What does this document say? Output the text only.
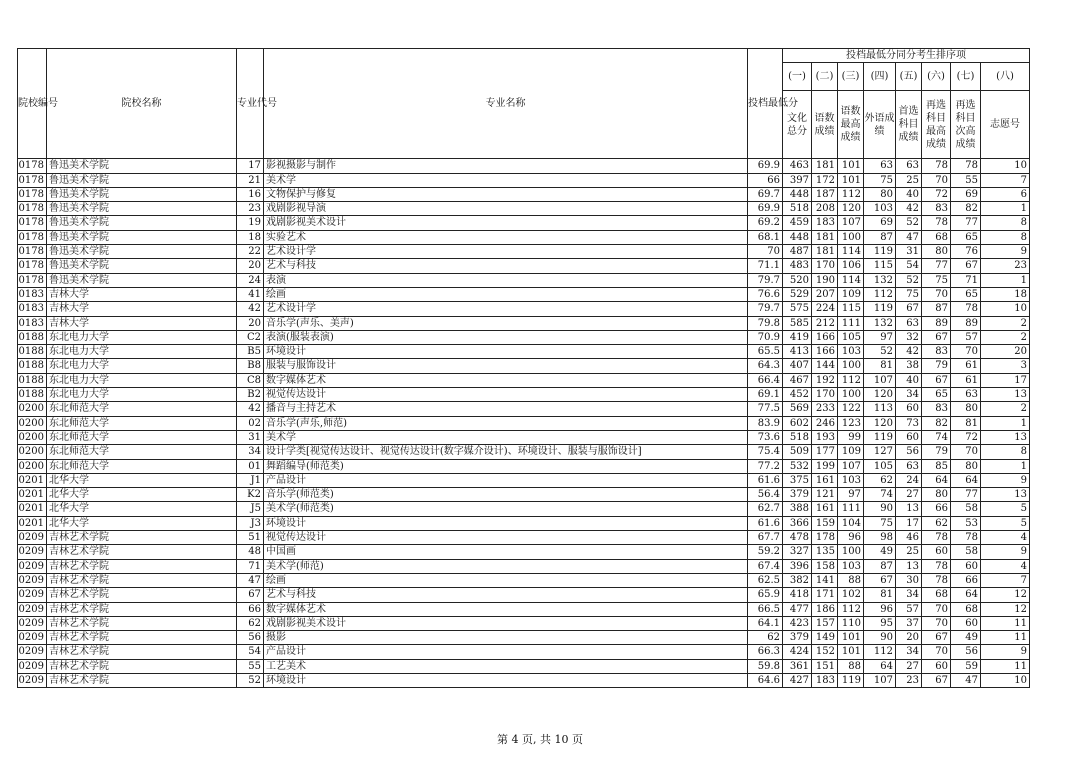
院校编号	院校名称	专业代号	专业名称	投档最低分	投档最低分同分考生排序项							
					(一)	(二)	(三)	(四)	(五)	(六)	(七)	(八)
					文化总分	语数成绩	语数最高成绩	外语成绩	首选科目成绩	再选科目最高成绩	再选科目次高成绩	志愿号
0178	鲁迅美术学院	17	影视摄影与制作	69.9	463	181	101	63	63	78	78	10
0178	鲁迅美术学院	21	美术学	66	397	172	101	75	25	70	55	7
0178	鲁迅美术学院	16	文物保护与修复	69.7	448	187	112	80	40	72	69	6
0178	鲁迅美术学院	23	戏剧影视导演	69.9	518	208	120	103	42	83	82	1
0178	鲁迅美术学院	19	戏剧影视美术设计	69.2	459	183	107	69	52	78	77	8
0178	鲁迅美术学院	18	实验艺术	68.1	448	181	100	87	47	68	65	8
0178	鲁迅美术学院	22	艺术设计学	70	487	181	114	119	31	80	76	9
0178	鲁迅美术学院	20	艺术与科技	71.1	483	170	106	115	54	77	67	23
0178	鲁迅美术学院	24	表演	79.7	520	190	114	132	52	75	71	1
0183	吉林大学	41	绘画	76.6	529	207	109	112	75	70	65	18
0183	吉林大学	42	艺术设计学	79.7	575	224	115	119	67	87	78	10
0183	吉林大学	20	音乐学(声乐、美声)	79.8	585	212	111	132	63	89	89	2
0188	东北电力大学	C2	表演(服装表演)	70.9	419	166	105	97	32	67	57	2
0188	东北电力大学	B5	环境设计	65.5	413	166	103	52	42	83	70	20
0188	东北电力大学	B8	服装与服饰设计	64.3	407	144	100	81	38	79	61	3
0188	东北电力大学	C8	数字媒体艺术	66.4	467	192	112	107	40	67	61	17
0188	东北电力大学	B2	视觉传达设计	69.1	452	170	100	120	34	65	63	13
0200	东北师范大学	42	播音与主持艺术	77.5	569	233	122	113	60	83	80	2
0200	东北师范大学	02	音乐学(声乐,师范)	83.9	602	246	123	120	73	82	81	1
0200	东北师范大学	31	美术学	73.6	518	193	99	119	60	74	72	13
0200	东北师范大学	34	设计学类[视觉传达设计、视觉传达设计(数字媒介设计)、环境设计、服装与服饰设计]	75.4	509	177	109	127	56	79	70	8
0200	东北师范大学	01	舞蹈编导(师范类)	77.2	532	199	107	105	63	85	80	1
0201	北华大学	J1	产品设计	61.6	375	161	103	62	24	64	64	9
0201	北华大学	K2	音乐学(师范类)	56.4	379	121	97	74	27	80	77	13
0201	北华大学	J5	美术学(师范类)	62.7	388	161	111	90	13	66	58	5
0201	北华大学	J3	环境设计	61.6	366	159	104	75	17	62	53	5
0209	吉林艺术学院	51	视觉传达设计	67.7	478	178	96	98	46	78	78	4
0209	吉林艺术学院	48	中国画	59.2	327	135	100	49	25	60	58	9
0209	吉林艺术学院	71	美术学(师范)	67.4	396	158	103	87	13	78	60	4
0209	吉林艺术学院	47	绘画	62.5	382	141	88	67	30	78	66	7
0209	吉林艺术学院	67	艺术与科技	65.9	418	171	102	81	34	68	64	12
0209	吉林艺术学院	66	数字媒体艺术	66.5	477	186	112	96	57	70	68	12
0209	吉林艺术学院	62	戏剧影视美术设计	64.1	423	157	110	95	37	70	60	11
0209	吉林艺术学院	56	摄影	62	379	149	101	90	20	67	49	11
0209	吉林艺术学院	54	产品设计	66.3	424	152	101	112	34	70	56	9
0209	吉林艺术学院	55	工艺美术	59.8	361	151	88	64	27	60	59	11
0209	吉林艺术学院	52	环境设计	64.6	427	183	119	107	23	67	47	10
第 4 页, 共 10 页
